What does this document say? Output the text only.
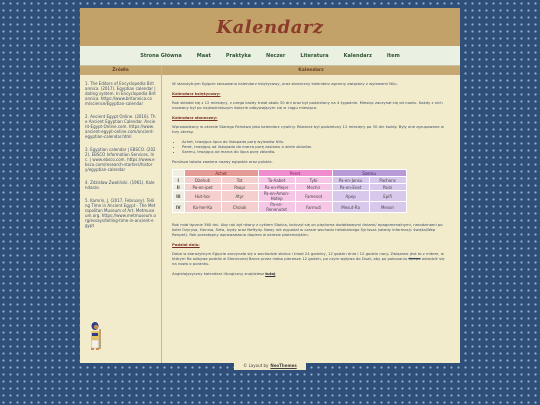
Kalendarz
Strona Główna	Maat	Praktyka	Neczer	Literatura	Kalendarz	Item
Źródła
1. The Editors of Encyclopedia Britannica. (2017). Egyptian calendar | dating system. In Encyclopedia Britannica. https://www.britannica.com/science/Egyptian-calendar
2. Ancient Egypt Online. (2016). The Ancient Egyptian Calendar. Ancient-Egypt-Online.com. https://www.ancient-egypt-online.com/ancient-egyptian-calendar.html
3. Egyptian calendar | EBSCO. (2022). EBSCO Information Services, Inc. | www.ebsco.com. https://www.ebsco.com/research-starters/history/egyptian-calendar
4. Zdzisław Zwoliński. (1961). Kalendarze.
5. Kamrin, J. (2017, February). Telling Time in Ancient Egypt - The Metropolitan Museum of Art. Metmuseum.org. https://www.metmuseum.org/essays/telling-time-in-ancient-egypt
Kalendarz

W starożytnym Egipcie stosowano kalendarz księżycowy, oraz słoneczny kalendarz agrarny związany z wylewami Nilu.

Kalendarz księżycowy:

Rok składał się z 12 miesięcy, z czego każdy trwał około 30 dni oraz był podzielony na 4 tygodnie. Miesiąc zaczynał się od nowiu. Każdy z nich nazwany był po najważniejszym święcie odbywającym się w ciągu miesiąca.

Kalendarz słoneczny:

Wprowadzony w okresie Starego Państwa jako kalendarz cywilny. Również był podzielony 12 miesięcy po 30 dni każdy. Były one zgrupowane w trzy okresy.

• Achet, trwająca lipca do listopada porę wylewów Nilu.
• Peret, trwającą od listopada do marca porę zasiewu a wiele zbiorów.
• Szemu, trwającą od marca do lipca porę zbiorów.

Poniższa tabela zawiera nazwy egipskie oraz polskie.

	Achet		Peret		Szemu	
I	Dżehuti	Tot	Ta-Aabet	Tybi	Pa-en-Jonsu	Pachons
II	Pa-en-ipet	Paopi	Pa-en-Mejer	Mechir	Pa-en-Enet	Paini
III	Hut-hor	Atyr	Pa-en-Amon-Hotep	Famenot	Apep	Epifi
IV	Ka-her-Ka	Choiak	Pa-en-Renenutet	Farmuti	Mesut-Ra	Mesori

Rok miał łącznie 360 dni. Aby rok był równy z cyklem Słońca, kończył się on pięcioma dodatkowymi dniami/ epagomenalnymi, narodzinami po kolei Ozyrysa, Horusa, Seta, Izydy oraz Neftydy. Nowy rok wypadał w czasie wschodu heliakalnego Syriusza (wtedy informacji: święta/Wep Renpet). Rok przestępny wprowadzono dopiero w okresie ptolemejskim.

Podział dnia:

Doba w starożytnym Egipcie zaczynała się o wschodzie słońca i trwał 24 godziny, 12 godzin dnia i 12 godzin nocy. Związane jest to z mitem, w którym Ra odbywa podróż w Słonecznej Barce przez niebo pierwsze 12 godzin, po czym wpływa do Duat, aby po pokonaniu Apepa odrodzić się na nowo o poranku.

Angielojęzyczny kalendarz liturgiczny znajdziesz tutaj

© Layout by NeoThemes
